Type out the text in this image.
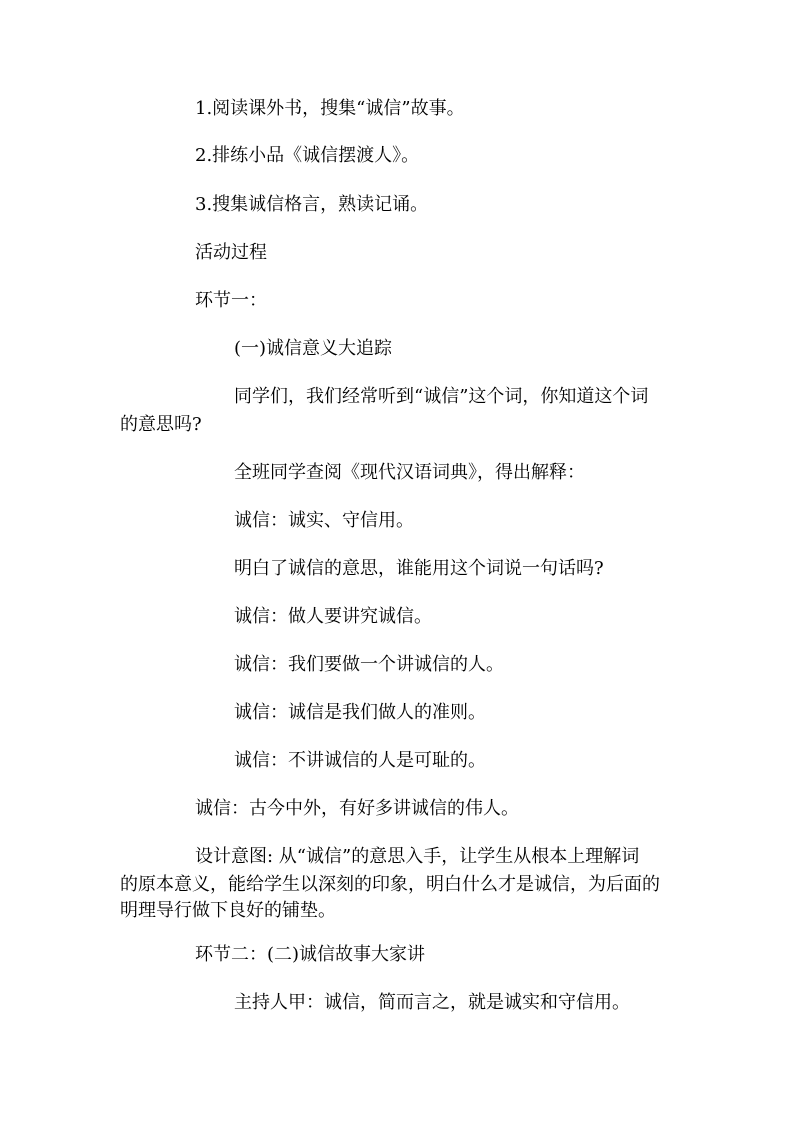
1.阅读课外书，搜集“诚信”故事。

2.排练小品《诚信摆渡人》。

3.搜集诚信格言，熟读记诵。

活动过程

环节一：

(一)诚信意义大追踪

同学们，我们经常听到“诚信”这个词，你知道这个词

的意思吗?

全班同学查阅《现代汉语词典》，得出解释：

诚信：诚实、守信用。

明白了诚信的意思，谁能用这个词说一句话吗?

诚信：做人要讲究诚信。

诚信：我们要做一个讲诚信的人。

诚信：诚信是我们做人的准则。

诚信：不讲诚信的人是可耻的。

诚信：古今中外，有好多讲诚信的伟人。

设计意图: 从“诚信”的意思入手，让学生从根本上理解词

的原本意义，能给学生以深刻的印象，明白什么才是诚信，为后面的

明理导行做下良好的铺垫。

环节二：(二)诚信故事大家讲

主持人甲：诚信，简而言之，就是诚实和守信用。
